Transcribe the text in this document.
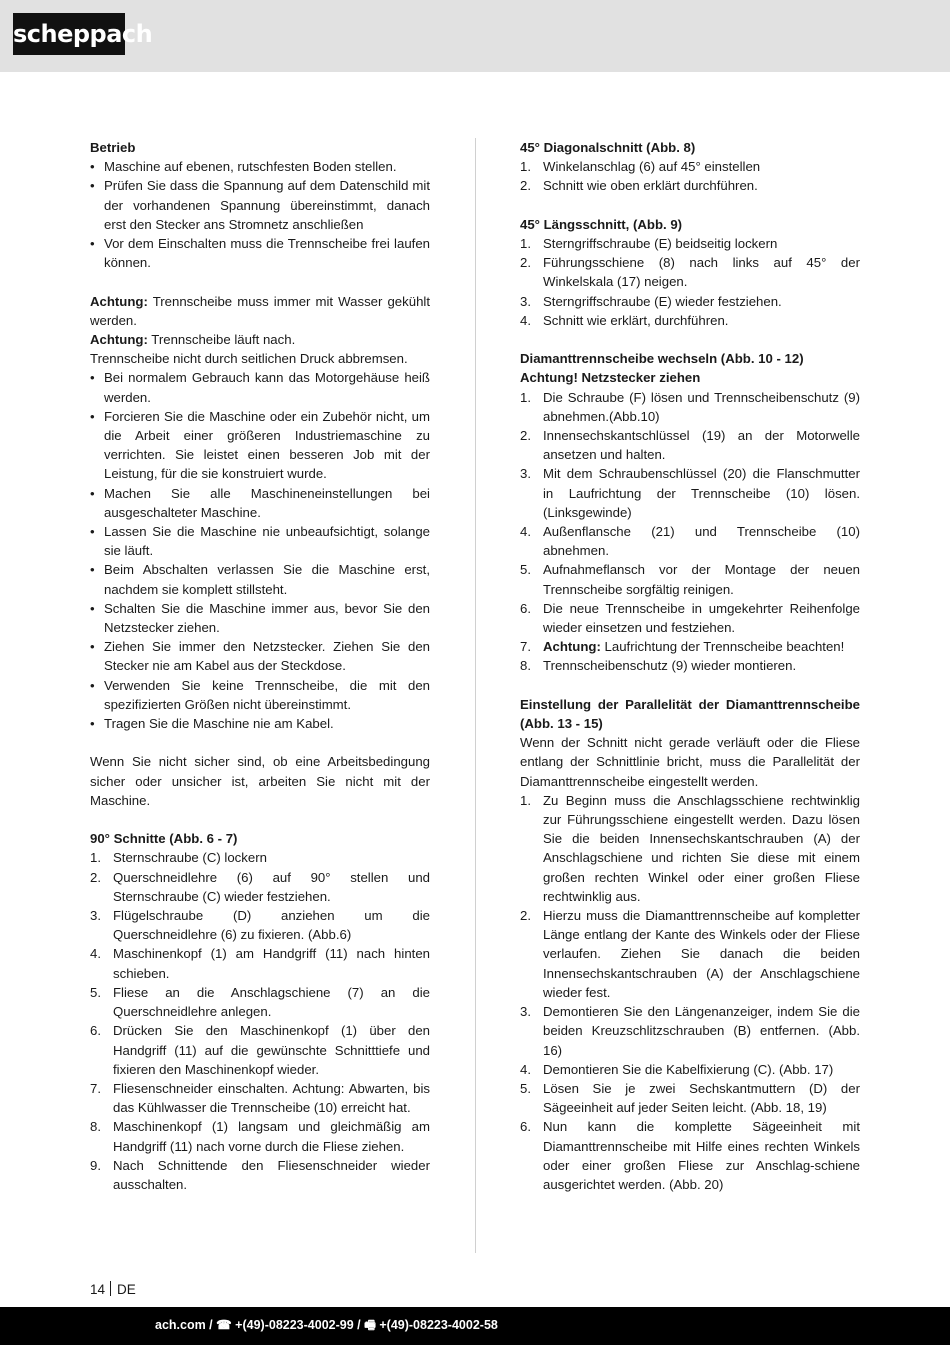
scheppach

Betrieb

• Maschine auf ebenen, rutschfesten Boden stellen.
• Prüfen Sie dass die Spannung auf dem Datenschild mit der vorhandenen Spannung übereinstimmt, danach erst den Stecker ans Stromnetz anschließen
• Vor dem Einschalten muss die Trennscheibe frei laufen können.

Achtung: Trennscheibe muss immer mit Wasser gekühlt werden.

Achtung: Trennscheibe läuft nach.

Trennscheibe nicht durch seitlichen Druck abbremsen.

• Bei normalem Gebrauch kann das Motorgehäuse heiß werden.
• Forcieren Sie die Maschine oder ein Zubehör nicht, um die Arbeit einer größeren Industriemaschine zu verrichten. Sie leistet einen besseren Job mit der Leistung, für die sie konstruiert wurde.
• Machen Sie alle Maschineneinstellungen bei ausgeschalteter Maschine.
• Lassen Sie die Maschine nie unbeaufsichtigt, solange sie läuft.
• Beim Abschalten verlassen Sie die Maschine erst, nachdem sie komplett stillsteht.
• Schalten Sie die Maschine immer aus, bevor Sie den Netzstecker ziehen.
• Ziehen Sie immer den Netzstecker. Ziehen Sie den Stecker nie am Kabel aus der Steckdose.
• Verwenden Sie keine Trennscheibe, die mit den spezifizierten Größen nicht übereinstimmt.
• Tragen Sie die Maschine nie am Kabel.

Wenn Sie nicht sicher sind, ob eine Arbeitsbedingung sicher oder unsicher ist, arbeiten Sie nicht mit der Maschine.

90° Schnitte (Abb. 6 - 7)

1. Sternschraube (C) lockern
2. Querschneidlehre (6) auf 90° stellen und Sternschraube (C) wieder festziehen.
3. Flügelschraube (D) anziehen um die Querschneidlehre (6) zu fixieren. (Abb.6)
4. Maschinenkopf (1) am Handgriff (11) nach hinten schieben.
5. Fliese an die Anschlagschiene (7) an die Querschneidlehre anlegen.
6. Drücken Sie den Maschinenkopf (1) über den Handgriff (11) auf die gewünschte Schnitttiefe und fixieren den Maschinenkopf wieder.
7. Fliesenschneider einschalten. Achtung: Abwarten, bis das Kühlwasser die Trennscheibe (10) erreicht hat.
8. Maschinenkopf (1) langsam und gleichmäßig am Handgriff (11) nach vorne durch die Fliese ziehen.
9. Nach Schnittende den Fliesenschneider wieder ausschalten.

45° Diagonalschnitt (Abb. 8)

1. Winkelanschlag (6) auf 45° einstellen
2. Schnitt wie oben erklärt durchführen.

45° Längsschnitt, (Abb. 9)

1. Sterngriffschraube (E) beidseitig lockern
2. Führungsschiene (8) nach links auf 45° der Winkelskala (17) neigen.
3. Sterngriffschraube (E) wieder festziehen.
4. Schnitt wie erklärt, durchführen.

Diamanttrennscheibe wechseln (Abb. 10 - 12)

Achtung! Netzstecker ziehen

1. Die Schraube (F) lösen und Trennscheibenschutz (9) abnehmen.(Abb.10)
2. Innensechskantschlüssel (19) an der Motorwelle ansetzen und halten.
3. Mit dem Schraubenschlüssel (20) die Flanschmutter in Laufrichtung der Trennscheibe (10) lösen. (Linksgewinde)
4. Außenflansche (21) und Trennscheibe (10) abnehmen.
5. Aufnahmeflansch vor der Montage der neuen Trennscheibe sorgfältig reinigen.
6. Die neue Trennscheibe in umgekehrter Reihenfolge wieder einsetzen und festziehen.
7. Achtung: Laufrichtung der Trennscheibe beachten!
8. Trennscheibenschutz (9) wieder montieren.

Einstellung der Parallelität der Diamanttrennscheibe (Abb. 13 - 15)

Wenn der Schnitt nicht gerade verläuft oder die Fliese entlang der Schnittlinie bricht, muss die Parallelität der Diamanttrennscheibe eingestellt werden.

1. Zu Beginn muss die Anschlagsschiene rechtwinklig zur Führungsschiene eingestellt werden. Dazu lösen Sie die beiden Innensechskantschrauben (A) der Anschlagschiene und richten Sie diese mit einem großen rechten Winkel oder einer großen Fliese rechtwinklig aus.
2. Hierzu muss die Diamanttrennscheibe auf kompletter Länge entlang der Kante des Winkels oder der Fliese verlaufen. Ziehen Sie danach die beiden Innensechskantschrauben (A) der Anschlagschiene wieder fest.
3. Demontieren Sie den Längenanzeiger, indem Sie die beiden Kreuzschlitzschrauben (B) entfernen. (Abb. 16)
4. Demontieren Sie die Kabelfixierung (C). (Abb. 17)
5. Lösen Sie je zwei Sechskantmuttern (D) der Sägeeinheit auf jeder Seiten leicht. (Abb. 18, 19)
6. Nun kann die komplette Sägeeinheit mit Diamanttrennscheibe mit Hilfe eines rechten Winkels oder einer großen Fliese zur Anschlag-schiene ausgerichtet werden. (Abb. 20)
14 DE
ach.com / ☎ +(49)-08223-4002-99 / 🖷 +(49)-08223-4002-58
